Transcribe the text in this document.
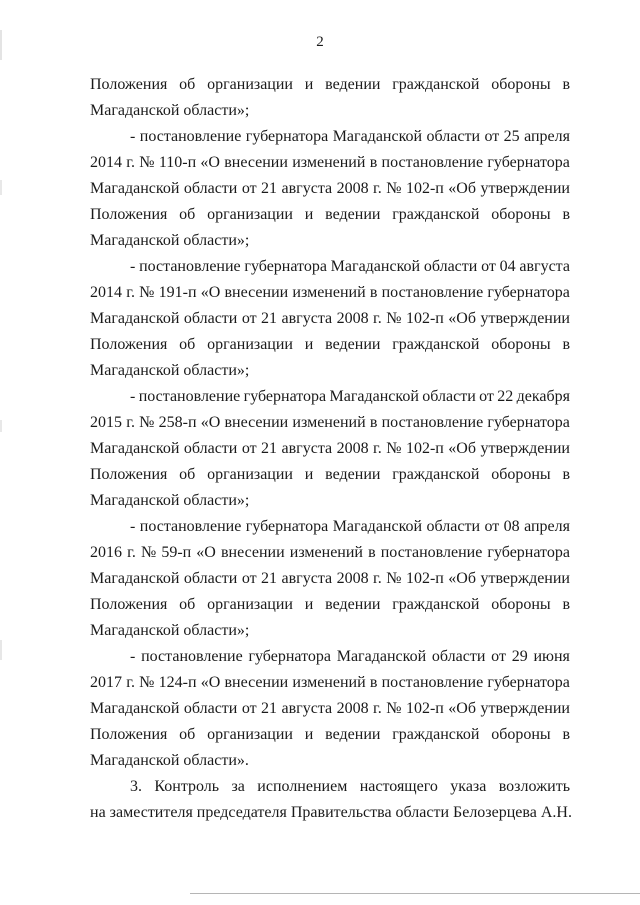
2
Положения об организации и ведении гражданской обороны в
Магаданской области»;
- постановление губернатора Магаданской области от 25 апреля
2014 г. № 110-п «О внесении изменений в постановление губернатора
Магаданской области от 21 августа 2008 г. № 102-п «Об утверждении
Положения об организации и ведении гражданской обороны в
Магаданской области»;
- постановление губернатора Магаданской области от 04 августа
2014 г. № 191-п «О внесении изменений в постановление губернатора
Магаданской области от 21 августа 2008 г. № 102-п «Об утверждении
Положения об организации и ведении гражданской обороны в
Магаданской области»;
- постановление губернатора Магаданской области от 22 декабря
2015 г. № 258-п «О внесении изменений в постановление губернатора
Магаданской области от 21 августа 2008 г. № 102-п «Об утверждении
Положения об организации и ведении гражданской обороны в
Магаданской области»;
- постановление губернатора Магаданской области от 08 апреля
2016 г. № 59-п «О внесении изменений в постановление губернатора
Магаданской области от 21 августа 2008 г. № 102-п «Об утверждении
Положения об организации и ведении гражданской обороны в
Магаданской области»;
- постановление губернатора Магаданской области от 29 июня
2017 г. № 124-п «О внесении изменений в постановление губернатора
Магаданской области от 21 августа 2008 г. № 102-п «Об утверждении
Положения об организации и ведении гражданской обороны в
Магаданской области».
3. Контроль за исполнением настоящего указа возложить
на заместителя председателя Правительства области Белозерцева А.Н.
